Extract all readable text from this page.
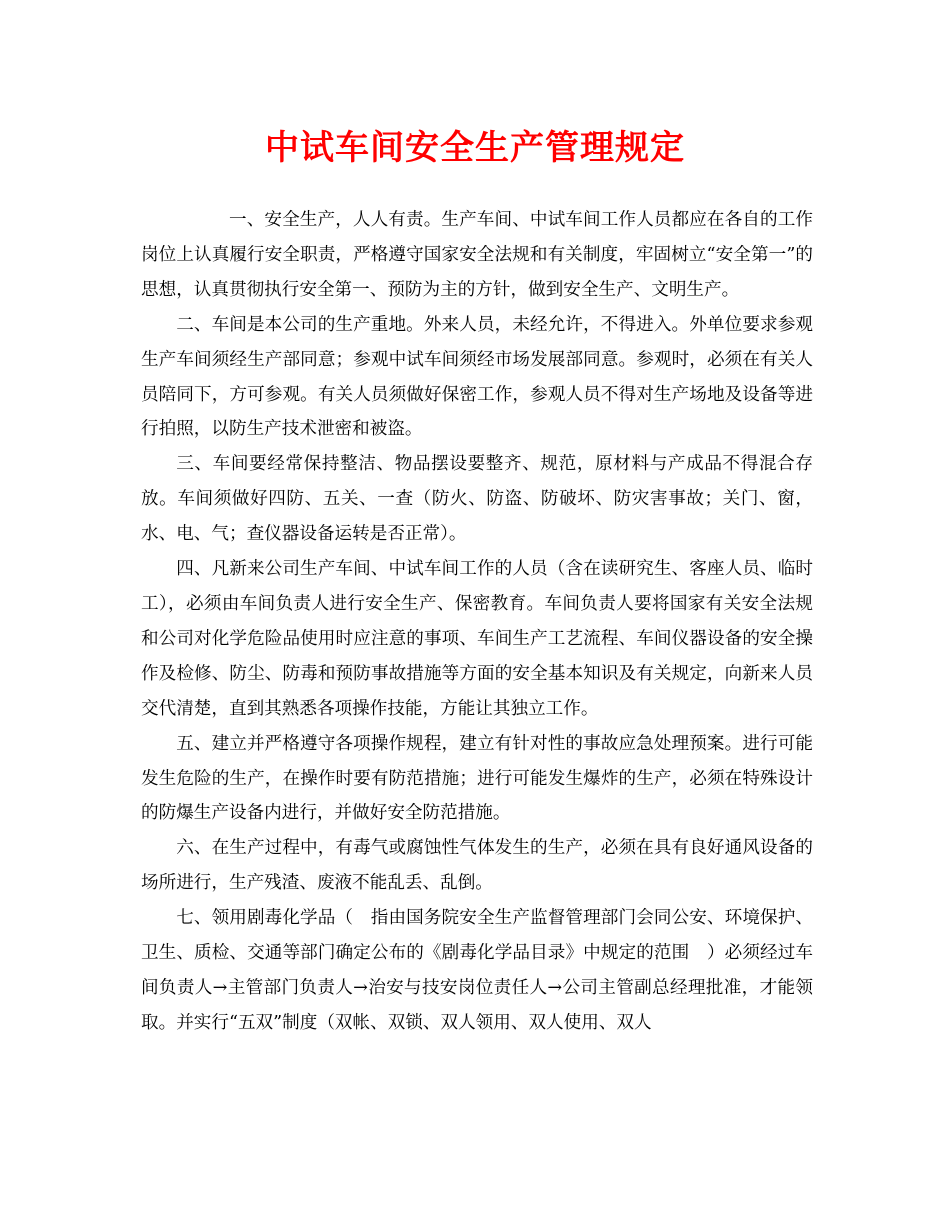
中试车间安全生产管理规定

一、安全生产，人人有责。生产车间、中试车间工作人员都应在各自的工作岗位上认真履行安全职责，严格遵守国家安全法规和有关制度，牢固树立“安全第一”的思想，认真贯彻执行安全第一、预防为主的方针，做到安全生产、文明生产。

二、车间是本公司的生产重地。外来人员，未经允许，不得进入。外单位要求参观生产车间须经生产部同意；参观中试车间须经市场发展部同意。参观时，必须在有关人员陪同下，方可参观。有关人员须做好保密工作，参观人员不得对生产场地及设备等进行拍照，以防生产技术泄密和被盗。

三、车间要经常保持整洁、物品摆设要整齐、规范，原材料与产成品不得混合存放。车间须做好四防、五关、一查（防火、防盗、防破坏、防灾害事故；关门、窗，水、电、气；查仪器设备运转是否正常）。

四、凡新来公司生产车间、中试车间工作的人员（含在读研究生、客座人员、临时工），必须由车间负责人进行安全生产、保密教育。车间负责人要将国家有关安全法规和公司对化学危险品使用时应注意的事项、车间生产工艺流程、车间仪器设备的安全操作及检修、防尘、防毒和预防事故措施等方面的安全基本知识及有关规定，向新来人员交代清楚，直到其熟悉各项操作技能，方能让其独立工作。

五、建立并严格遵守各项操作规程，建立有针对性的事故应急处理预案。进行可能发生危险的生产，在操作时要有防范措施；进行可能发生爆炸的生产，必须在特殊设计的防爆生产设备内进行，并做好安全防范措施。

六、在生产过程中，有毒气或腐蚀性气体发生的生产，必须在具有良好通风设备的场所进行，生产残渣、废液不能乱丢、乱倒。

七、领用剧毒化学品（　指由国务院安全生产监督管理部门会同公安、环境保护、卫生、质检、交通等部门确定公布的《剧毒化学品目录》中规定的范围　）必须经过车间负责人→主管部门负责人→治安与技安岗位责任人→公司主管副总经理批准，才能领取。并实行“五双”制度（双帐、双锁、双人领用、双人使用、双人
